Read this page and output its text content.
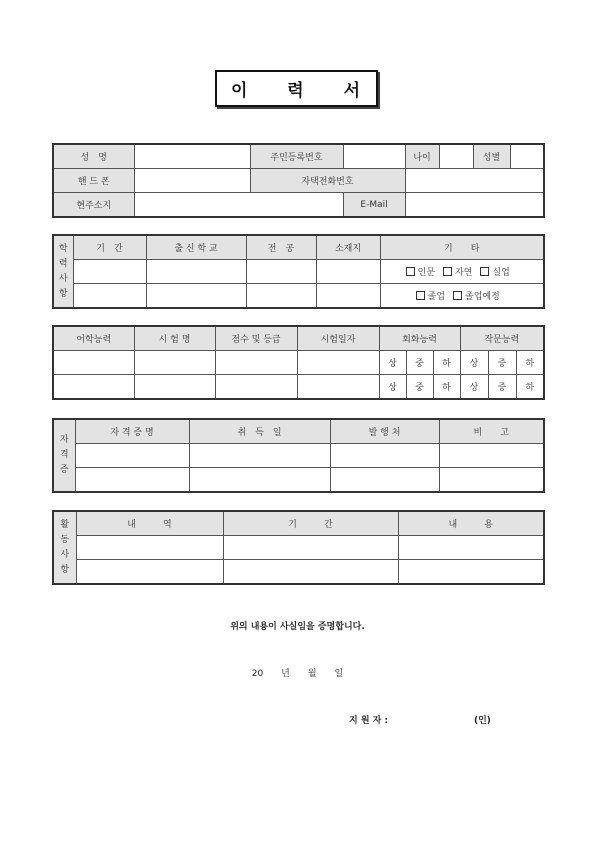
이 력 서
성　명		주민등록번호		나이		성별	
핸 드 폰		자택전화번호					
현주소지			E-Mail				
학
력
사
항	기　간	출 신 학 교	전　공	소재지	기　　타
					인문 자연 실업
					졸업 졸업예정
어학능력	시 험 명	점수 및 등급	시험일자	회화능력			작문능력		
				상	중	하	상	중	하
				상	중	하	상	중	하
자
격
증	자 격 증 명	취　득　일	발 행 처	비　　고

활
동
사
항	내　　　역	기　　　간	내　　　용

위의 내용이 사실임을 증명합니다.
20　　년　　월　　일
지 원 자 :	(인)
